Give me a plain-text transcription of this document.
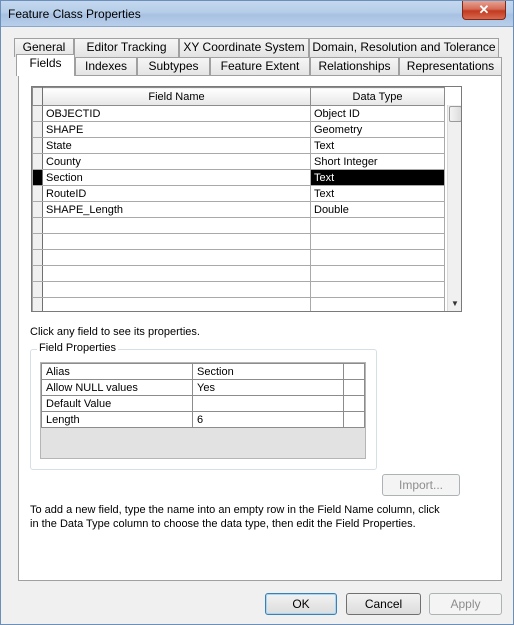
Feature Class Properties	✕
General	Editor Tracking	XY Coordinate System Domain, Resolution and Tolerance
Fields	Indexes	Subtypes	Feature Extent	Relationships	Representations
	Field Name	Data Type
	OBJECTID	Object ID
	SHAPE	Geometry
	State	Text
	County	Short Integer
	Section	Text
	RouteID	Text
	SHAPE_Length	Double

▼
Click any field to see its properties.
Field Properties
Alias	Section	
Allow NULL values	Yes	
Default Value		
Length	6	
Import...
To add a new field, type the name into an empty row in the Field Name column, click in the Data Type column to choose the data type, then edit the Field Properties.
OK	Cancel	Apply
